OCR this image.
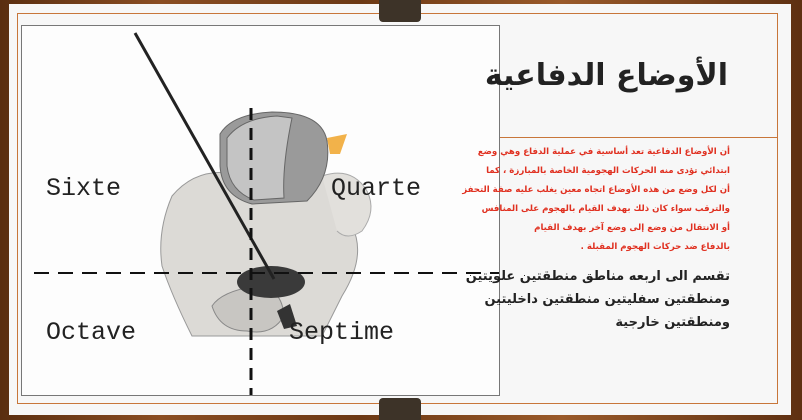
Sixte	Quarte
Octave	Septime
الأوضاع الدفاعية
أن الأوضاع الدفاعية تعد أساسية في عملية الدفاع وهي وضع
ابتدائي تؤدى منه الحركات الهجومية الخاصة بالمبارزة ، كما
أن لكل وضع من هذه الأوضاع اتجاه معين يغلب عليه صفة التحفز
والترقب سواء كان ذلك بهدف القيام بالهجوم على المنافس
أو الانتقال من وضع إلى وضع آخر بهدف القيام
بالدفاع ضد حركات الهجوم المقبلة .
تقسم الى اربعه مناطق منطقتين علويتين
ومنطقتين سفليتين منطقتين داخليتين
ومنطقتين خارجية
